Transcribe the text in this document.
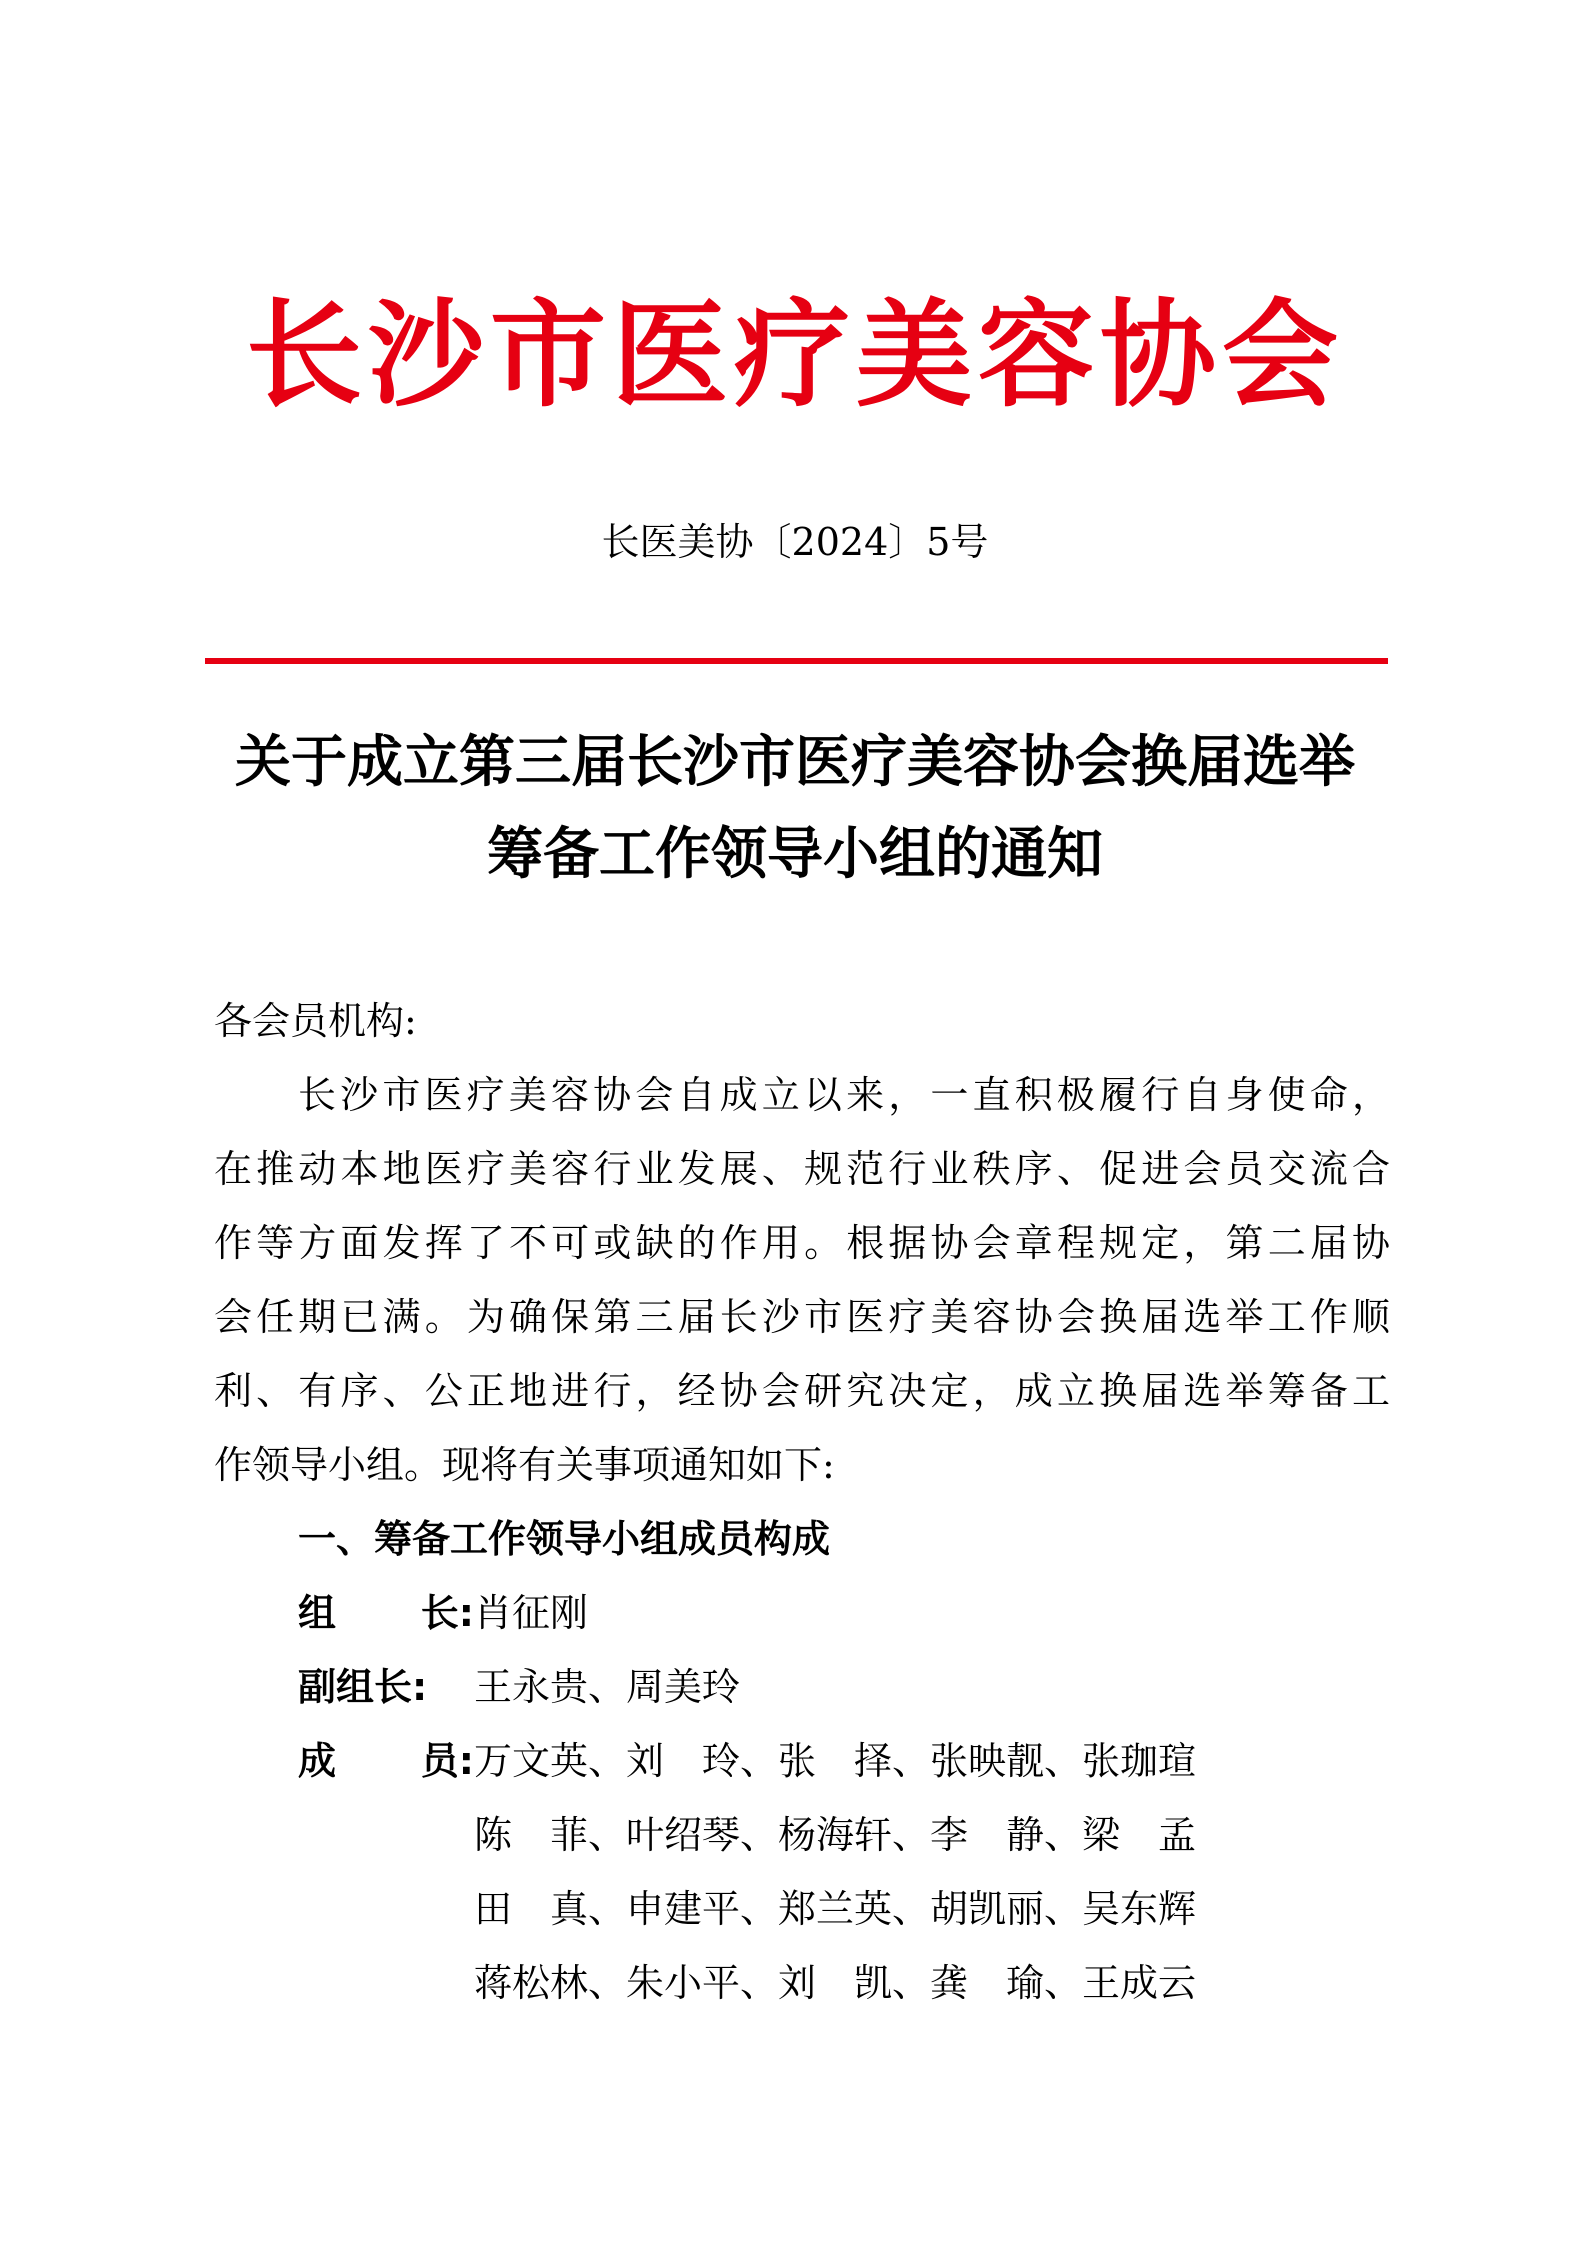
长沙市医疗美容协会
长医美协〔2024〕5号
关于成立第三届长沙市医疗美容协会换届选举
筹备工作领导小组的通知
各会员机构:
长沙市医疗美容协会自成立以来，一直积极履行自身使命，
在推动本地医疗美容行业发展、规范行业秩序、促进会员交流合
作等方面发挥了不可或缺的作用。根据协会章程规定，第二届协
会任期已满。为确保第三届长沙市医疗美容协会换届选举工作顺
利、有序、公正地进行，经协会研究决定，成立换届选举筹备工
作领导小组。现将有关事项通知如下:
一、筹备工作领导小组成员构成
组 长: 肖征刚
副组长: 王永贵、周美玲
成 员: 万文英、刘　玲、张　择、张映靓、张珈瑄
陈　菲、叶绍琴、杨海轩、李　静、梁　孟
田　真、申建平、郑兰英、胡凯丽、吴东辉
蒋松林、朱小平、刘　凯、龚　瑜、王成云
